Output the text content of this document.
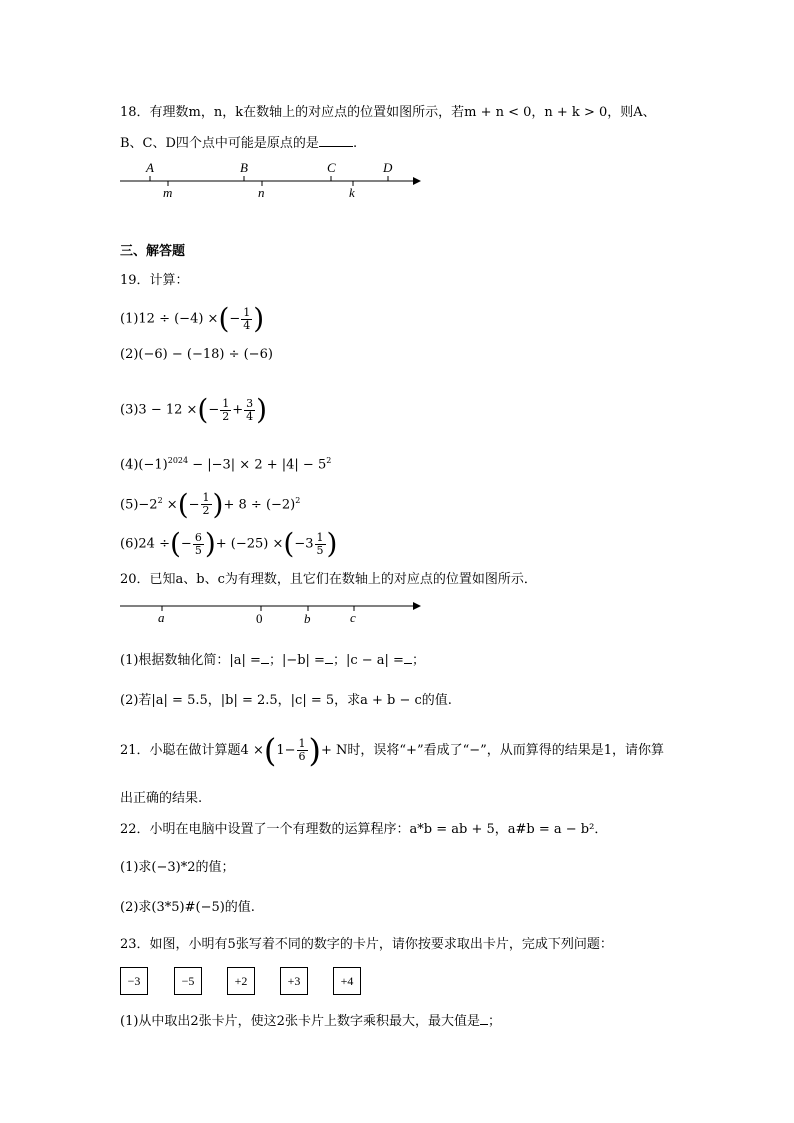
18．有理数m，n，k在数轴上的对应点的位置如图所示，若m + n < 0，n + k > 0，则A、
B、C、D四个点中可能是原点的是	.
A	B	C	D
m	n	k
三、解答题
19．计算：
(1)12 ÷ (−4) ×(− $\frac{1}{4}$ )
(2)(−6) − (−18) ÷ (−6)
(3)3 − 12 ×(− $\frac{1}{2} + \frac{3}{4}$ )
$(4)(-1)^{2024} - |-3| \times 2 + |4| - 5^2$
$(5)-2^2$ ×(− $\frac{1}{2}$ )+ $8 \div (-2)^2$
(6)24 ÷(− $\frac{6}{5}$ )+ $(-25) \times(-3 \frac{1}{5}$ )
20．已知a、b、c为有理数，且它们在数轴上的对应点的位置如图所示．
a	0	b	c
(1)根据数轴化简：|a| = ；|−b| = ；|c − a| = ；
(2)若|a| = 5.5，|b| = 2.5，|c| = 5，求a + b − c的值.
21．小聪在做计算题$4 \times(1- \frac{1}{6}$ )+ N时，误将“+”看成了“−”，从而算得的结果是1，请你算
出正确的结果.
22．小明在电脑中设置了一个有理数的运算程序：a*b = ab + 5，a#b = a − b²．
(1)求(−3)*2的值；
(2)求(3*5)#(−5)的值.
23．如图，小明有5张写着不同的数字的卡片，请你按要求取出卡片，完成下列问题：
−3	−5	+2	+3	+4
(1)从中取出2张卡片，使这2张卡片上数字乘积最大，最大值是 ；
